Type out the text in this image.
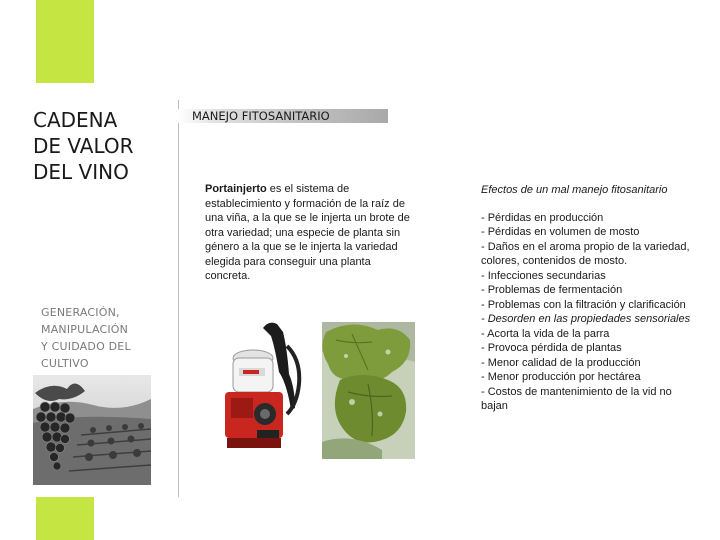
CADENA
DE VALOR
DEL VINO
GENERACIÓN,
MANIPULACIÓN
Y CUIDADO DEL
CULTIVO
MANEJO FITOSANITARIO
Portainjerto es el sistema de establecimiento y formación de la raíz de una viña, a la que se le injerta un brote de otra variedad; una especie de planta sin género a la que se le injerta la variedad elegida para conseguir una planta concreta.
Efectos de un mal manejo fitosanitario
- Pérdidas en producción
- Pérdidas en volumen de mosto
- Daños en el aroma propio de la variedad, colores, contenidos de mosto.
- Infecciones secundarias
- Problemas de fermentación
- Problemas con la filtración y clarificación
- Desorden en las propiedades sensoriales
- Acorta la vida de la parra
- Provoca pérdida de plantas
- Menor calidad de la producción
- Menor producción por hectárea
- Costos de mantenimiento de la vid no bajan
